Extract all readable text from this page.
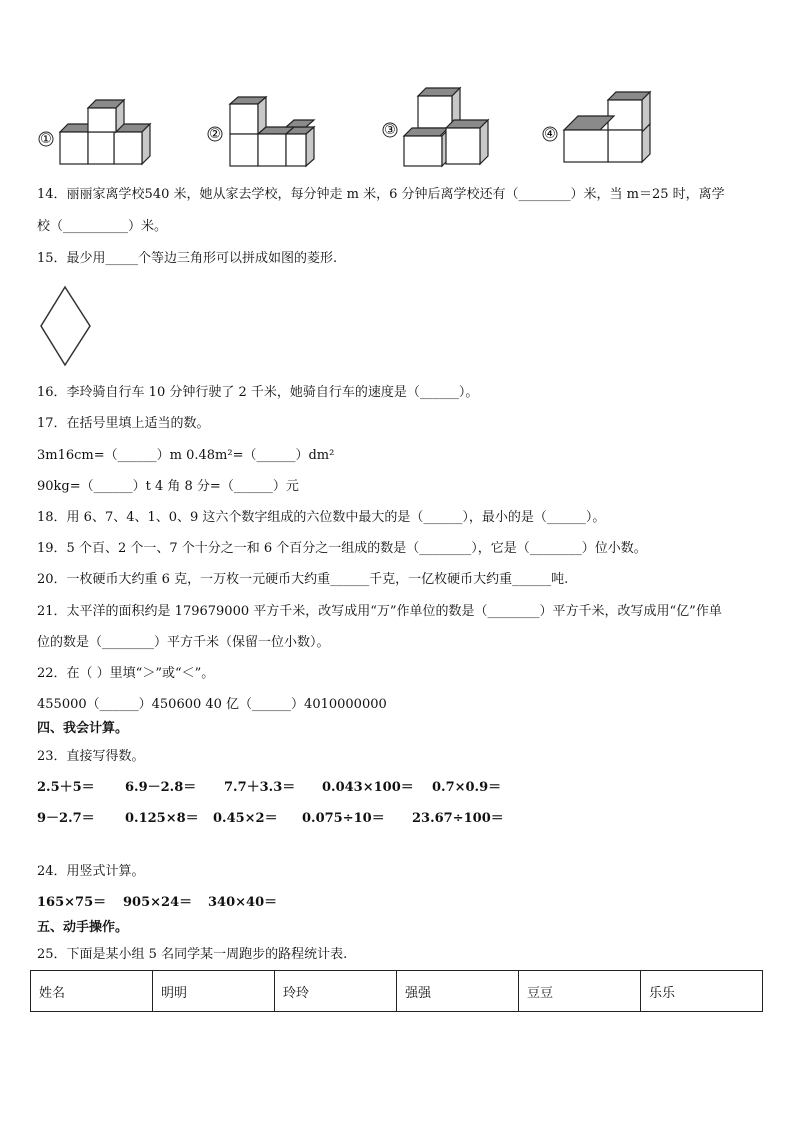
①	②	③	④
14．丽丽家离学校540 米，她从家去学校，每分钟走 m 米，6 分钟后离学校还有（________）米，当 m＝25 时，离学
校（__________）米。
15．最少用_____个等边三角形可以拼成如图的菱形.
16．李玲骑自行车 10 分钟行驶了 2 千米，她骑自行车的速度是（______）。
17．在括号里填上适当的数。
3m16cm=（______）m 0.48m²=（______）dm²
90kg=（______）t 4 角 8 分=（______）元
18．用 6、7、4、1、0、9 这六个数字组成的六位数中最大的是（______），最小的是（______）。
19．5 个百、2 个一、7 个十分之一和 6 个百分之一组成的数是（________），它是（________）位小数。
20．一枚硬币大约重 6 克，一万枚一元硬币大约重______千克，一亿枚硬币大约重______吨.
21．太平洋的面积约是 179679000 平方千米，改写成用“万”作单位的数是（________）平方千米，改写成用“亿”作单
位的数是（________）平方千米（保留一位小数）。
22．在（ ）里填“＞”或“＜”。
455000（______）450600 40 亿（______）4010000000
四、我会计算。
23．直接写得数。
2.5＋5＝ 6.9－2.8＝ 7.7＋3.3＝ 0.043×100＝ 0.7×0.9＝
9－2.7＝ 0.125×8＝ 0.45×2＝ 0.075÷10＝ 23.67÷100＝
24．用竖式计算。
165×75＝ 905×24＝ 340×40＝
五、动手操作。
25．下面是某小组 5 名同学某一周跑步的路程统计表.
姓名	明明	玲玲	强强	豆豆	乐乐
